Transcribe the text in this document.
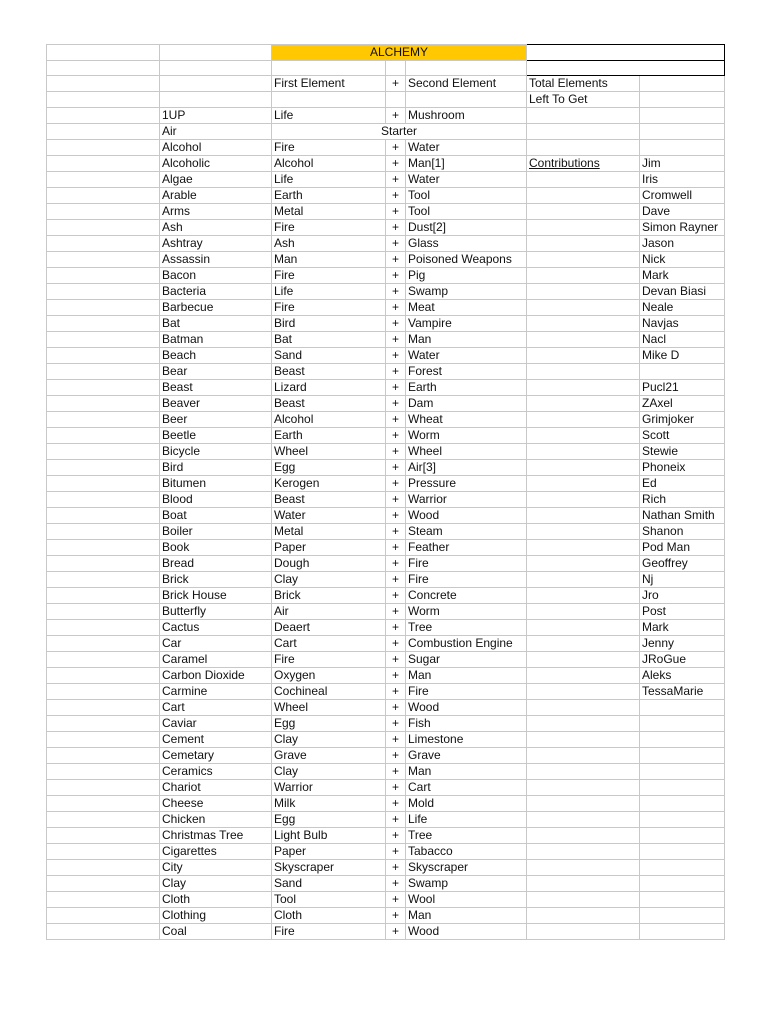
		ALCHEMY				

		First Element	+	Second Element	Total Elements	
					Left To Get	
	1UP	Life	+	Mushroom		
	Air	Starter				
	Alcohol	Fire	+	Water		
	Alcoholic	Alcohol	+	Man[1]	Contributions	Jim
	Algae	Life	+	Water		Iris
	Arable	Earth	+	Tool		Cromwell
	Arms	Metal	+	Tool		Dave
	Ash	Fire	+	Dust[2]		Simon Rayner
	Ashtray	Ash	+	Glass		Jason
	Assassin	Man	+	Poisoned Weapons		Nick
	Bacon	Fire	+	Pig		Mark
	Bacteria	Life	+	Swamp		Devan Biasi
	Barbecue	Fire	+	Meat		Neale
	Bat	Bird	+	Vampire		Navjas
	Batman	Bat	+	Man		Nacl
	Beach	Sand	+	Water		Mike D
	Bear	Beast	+	Forest		
	Beast	Lizard	+	Earth		Pucl21
	Beaver	Beast	+	Dam		ZAxel
	Beer	Alcohol	+	Wheat		Grimjoker
	Beetle	Earth	+	Worm		Scott
	Bicycle	Wheel	+	Wheel		Stewie
	Bird	Egg	+	Air[3]		Phoneix
	Bitumen	Kerogen	+	Pressure		Ed
	Blood	Beast	+	Warrior		Rich
	Boat	Water	+	Wood		Nathan Smith
	Boiler	Metal	+	Steam		Shanon
	Book	Paper	+	Feather		Pod Man
	Bread	Dough	+	Fire		Geoffrey
	Brick	Clay	+	Fire		Nj
	Brick House	Brick	+	Concrete		Jro
	Butterfly	Air	+	Worm		Post
	Cactus	Deaert	+	Tree		Mark
	Car	Cart	+	Combustion Engine		Jenny
	Caramel	Fire	+	Sugar		JRoGue
	Carbon Dioxide	Oxygen	+	Man		Aleks
	Carmine	Cochineal	+	Fire		TessaMarie
	Cart	Wheel	+	Wood		
	Caviar	Egg	+	Fish		
	Cement	Clay	+	Limestone		
	Cemetary	Grave	+	Grave		
	Ceramics	Clay	+	Man		
	Chariot	Warrior	+	Cart		
	Cheese	Milk	+	Mold		
	Chicken	Egg	+	Life		
	Christmas Tree	Light Bulb	+	Tree		
	Cigarettes	Paper	+	Tabacco		
	City	Skyscraper	+	Skyscraper		
	Clay	Sand	+	Swamp		
	Cloth	Tool	+	Wool		
	Clothing	Cloth	+	Man		
	Coal	Fire	+	Wood		
